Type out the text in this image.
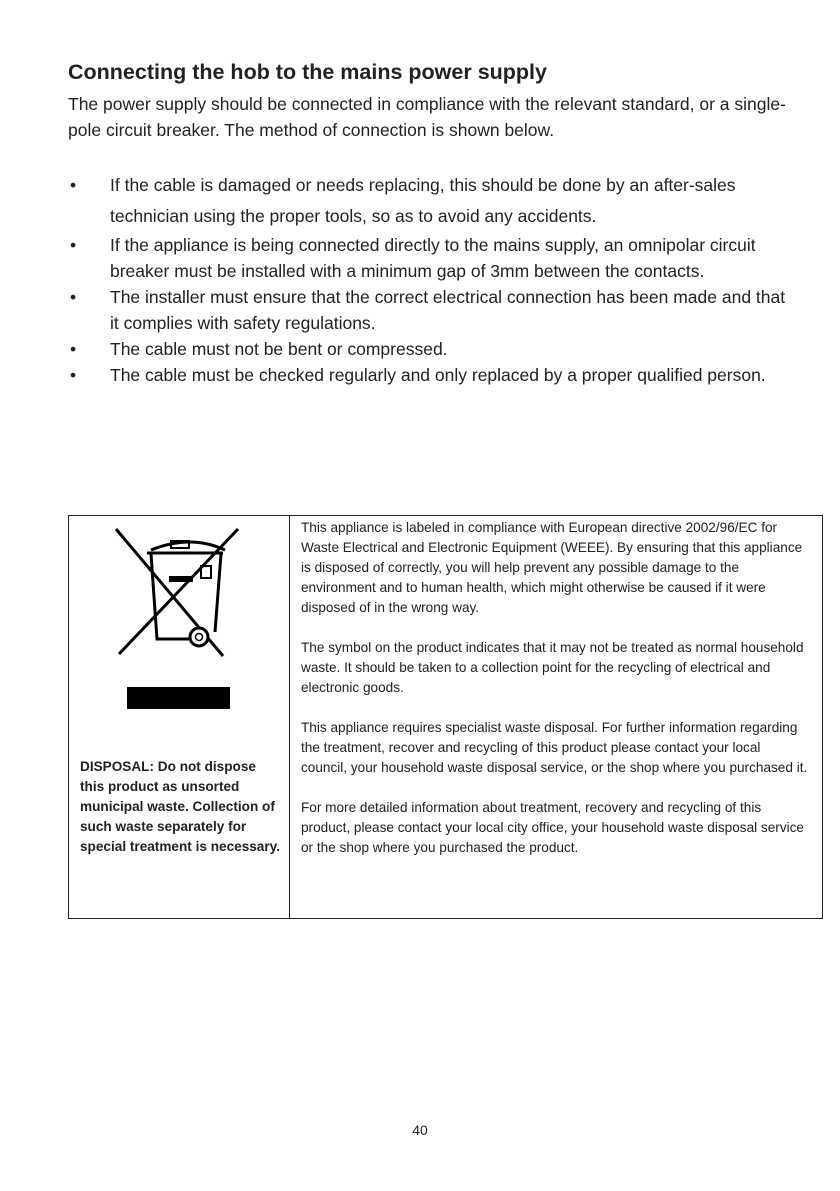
Connecting the hob to the mains power supply

The power supply should be connected in compliance with the relevant standard, or a single-pole circuit breaker. The method of connection is shown below.

• If the cable is damaged or needs replacing, this should be done by an after-sales technician using the proper tools, so as to avoid any accidents.
• If the appliance is being connected directly to the mains supply, an omnipolar circuit breaker must be installed with a minimum gap of 3mm between the contacts.
• The installer must ensure that the correct electrical connection has been made and that it complies with safety regulations.
• The cable must not be bent or compressed.
• The cable must be checked regularly and only replaced by a proper qualified person.
DISPOSAL: Do not dispose this product as unsorted municipal waste. Collection of such waste separately for special treatment is necessary.

This appliance is labeled in compliance with European directive 2002/96/EC for Waste Electrical and Electronic Equipment (WEEE). By ensuring that this appliance is disposed of correctly, you will help prevent any possible damage to the environment and to human health, which might otherwise be caused if it were disposed of in the wrong way.

The symbol on the product indicates that it may not be treated as normal household waste. It should be taken to a collection point for the recycling of electrical and electronic goods.

This appliance requires specialist waste disposal. For further information regarding the treatment, recover and recycling of this product please contact your local council, your household waste disposal service, or the shop where you purchased it.

For more detailed information about treatment, recovery and recycling of this product, please contact your local city office, your household waste disposal service or the shop where you purchased the product.

40
